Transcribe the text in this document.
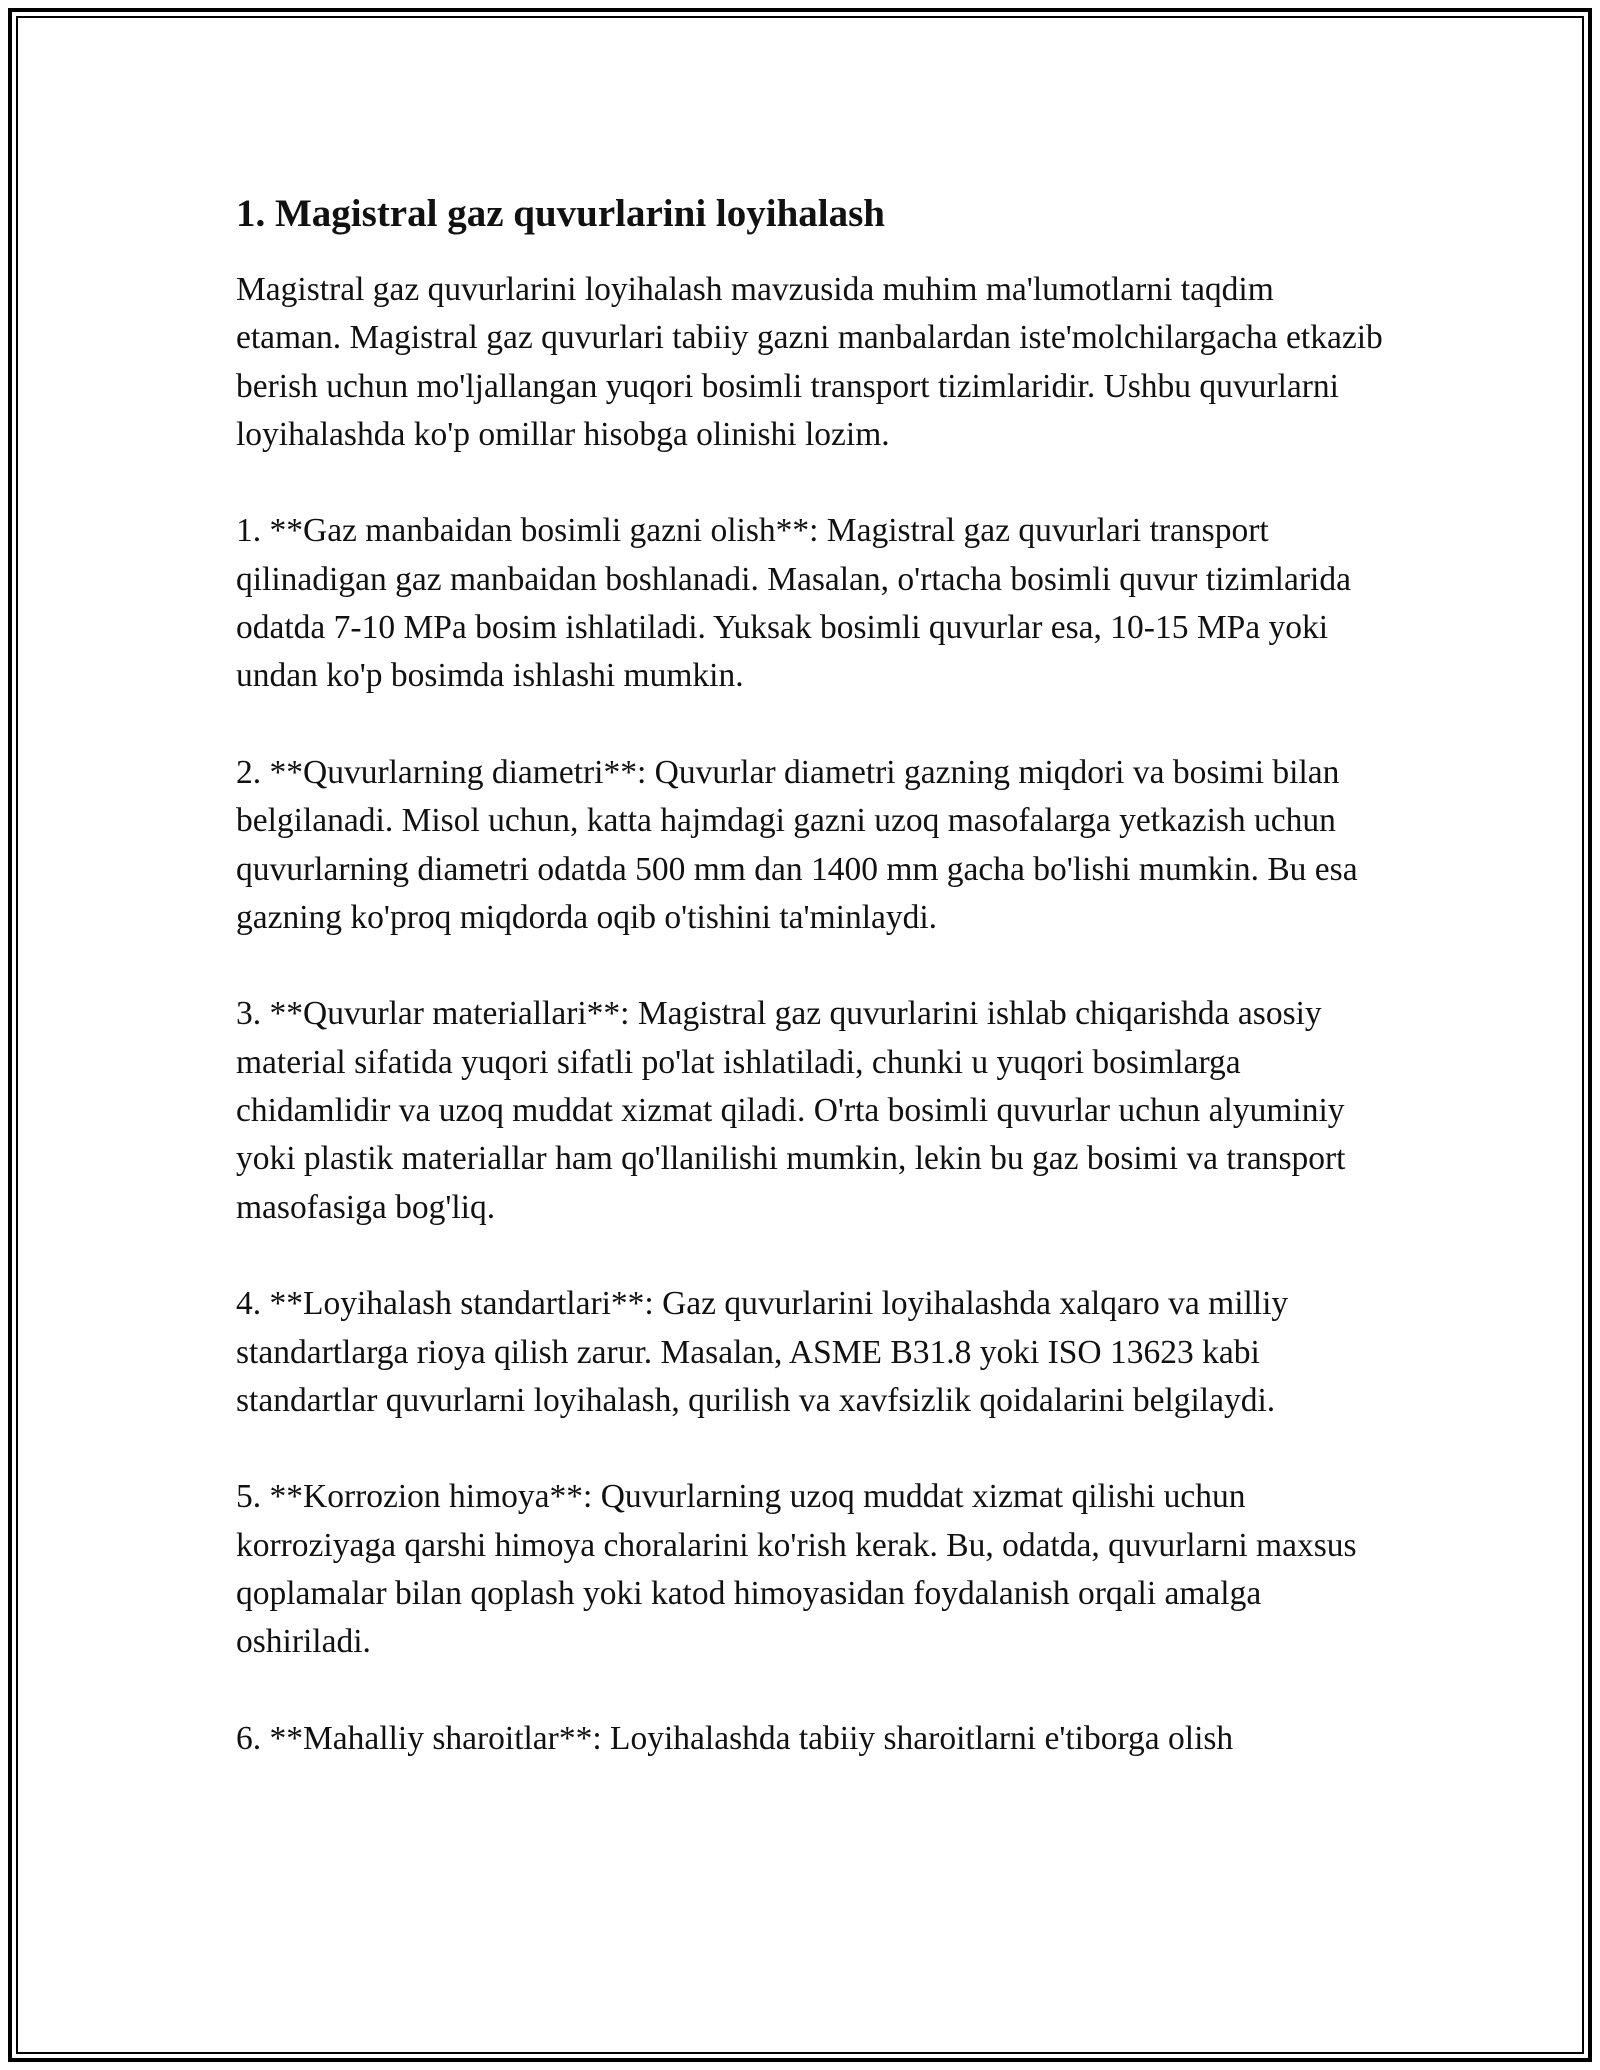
1. Magistral gaz quvurlarini loyihalash

Magistral gaz quvurlarini loyihalash mavzusida muhim ma'lumotlarni taqdim etaman. Magistral gaz quvurlari tabiiy gazni manbalardan iste'molchilargacha etkazib berish uchun mo'ljallangan yuqori bosimli transport tizimlaridir. Ushbu quvurlarni loyihalashda ko'p omillar hisobga olinishi lozim.

1. **Gaz manbaidan bosimli gazni olish**: Magistral gaz quvurlari transport qilinadigan gaz manbaidan boshlanadi. Masalan, o'rtacha bosimli quvur tizimlarida odatda 7-10 MPa bosim ishlatiladi. Yuksak bosimli quvurlar esa, 10-15 MPa yoki undan ko'p bosimda ishlashi mumkin.

2. **Quvurlarning diametri**: Quvurlar diametri gazning miqdori va bosimi bilan belgilanadi. Misol uchun, katta hajmdagi gazni uzoq masofalarga yetkazish uchun quvurlarning diametri odatda 500 mm dan 1400 mm gacha bo'lishi mumkin. Bu esa gazning ko'proq miqdorda oqib o'tishini ta'minlaydi.

3. **Quvurlar materiallari**: Magistral gaz quvurlarini ishlab chiqarishda asosiy material sifatida yuqori sifatli po'lat ishlatiladi, chunki u yuqori bosimlarga chidamlidir va uzoq muddat xizmat qiladi. O'rta bosimli quvurlar uchun alyuminiy yoki plastik materiallar ham qo'llanilishi mumkin, lekin bu gaz bosimi va transport masofasiga bog'liq.

4. **Loyihalash standartlari**: Gaz quvurlarini loyihalashda xalqaro va milliy standartlarga rioya qilish zarur. Masalan, ASME B31.8 yoki ISO 13623 kabi standartlar quvurlarni loyihalash, qurilish va xavfsizlik qoidalarini belgilaydi.

5. **Korrozion himoya**: Quvurlarning uzoq muddat xizmat qilishi uchun korroziyaga qarshi himoya choralarini ko'rish kerak. Bu, odatda, quvurlarni maxsus qoplamalar bilan qoplash yoki katod himoyasidan foydalanish orqali amalga oshiriladi.

6. **Mahalliy sharoitlar**: Loyihalashda tabiiy sharoitlarni e'tiborga olish
